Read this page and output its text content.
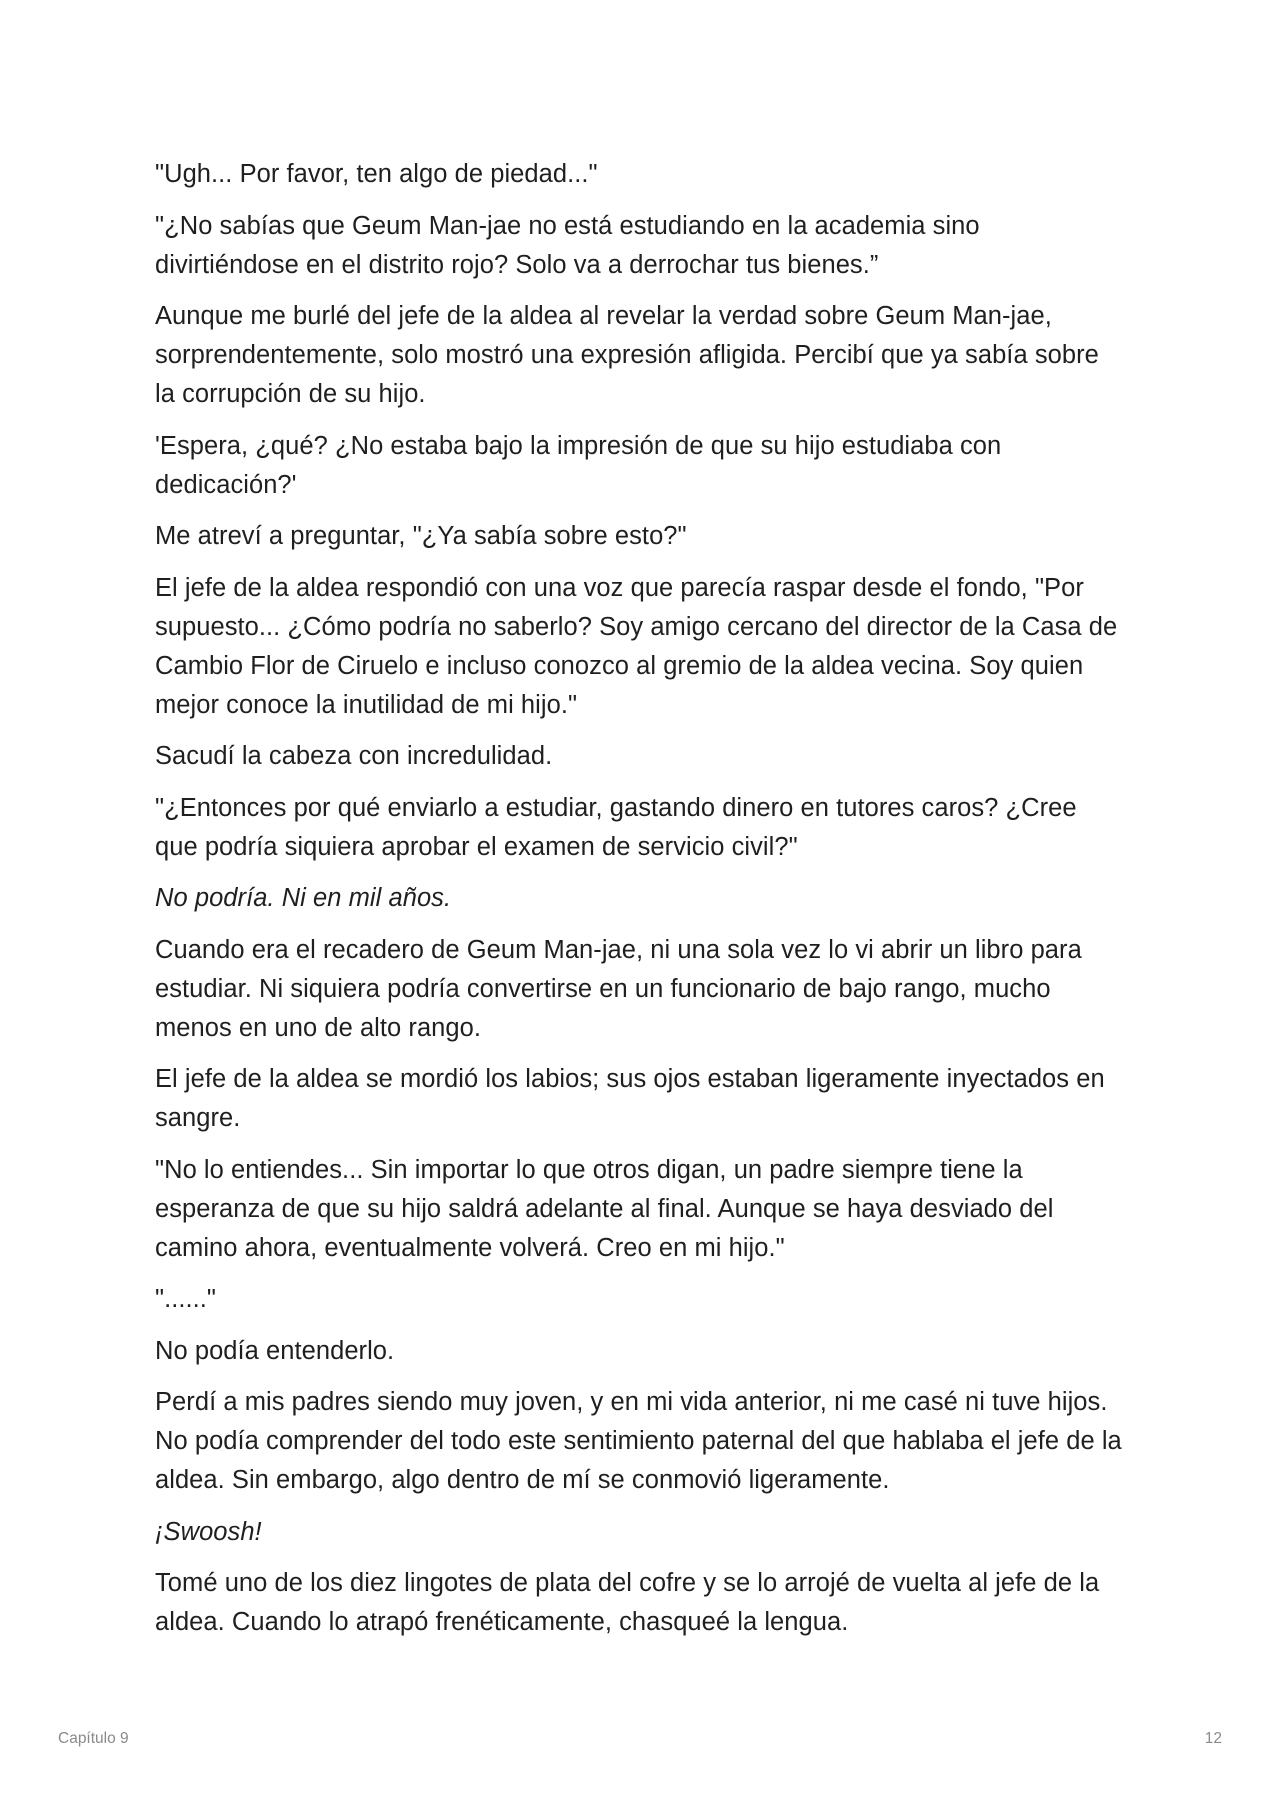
"Ugh... Por favor, ten algo de piedad..."

"¿No sabías que Geum Man-jae no está estudiando en la academia sino divirtiéndose en el distrito rojo? Solo va a derrochar tus bienes.”

Aunque me burlé del jefe de la aldea al revelar la verdad sobre Geum Man-jae, sorprendentemente, solo mostró una expresión afligida. Percibí que ya sabía sobre la corrupción de su hijo.

'Espera, ¿qué? ¿No estaba bajo la impresión de que su hijo estudiaba con dedicación?'

Me atreví a preguntar, "¿Ya sabía sobre esto?"

El jefe de la aldea respondió con una voz que parecía raspar desde el fondo, "Por supuesto... ¿Cómo podría no saberlo? Soy amigo cercano del director de la Casa de Cambio Flor de Ciruelo e incluso conozco al gremio de la aldea vecina. Soy quien mejor conoce la inutilidad de mi hijo."

Sacudí la cabeza con incredulidad.

"¿Entonces por qué enviarlo a estudiar, gastando dinero en tutores caros? ¿Cree que podría siquiera aprobar el examen de servicio civil?"

No podría. Ni en mil años.

Cuando era el recadero de Geum Man-jae, ni una sola vez lo vi abrir un libro para estudiar. Ni siquiera podría convertirse en un funcionario de bajo rango, mucho menos en uno de alto rango.

El jefe de la aldea se mordió los labios; sus ojos estaban ligeramente inyectados en sangre.

"No lo entiendes... Sin importar lo que otros digan, un padre siempre tiene la esperanza de que su hijo saldrá adelante al final. Aunque se haya desviado del camino ahora, eventualmente volverá. Creo en mi hijo."

"......"

No podía entenderlo.

Perdí a mis padres siendo muy joven, y en mi vida anterior, ni me casé ni tuve hijos. No podía comprender del todo este sentimiento paternal del que hablaba el jefe de la aldea. Sin embargo, algo dentro de mí se conmovió ligeramente.

¡Swoosh!

Tomé uno de los diez lingotes de plata del cofre y se lo arrojé de vuelta al jefe de la aldea. Cuando lo atrapó frenéticamente, chasqueé la lengua.

Capítulo 9	12
